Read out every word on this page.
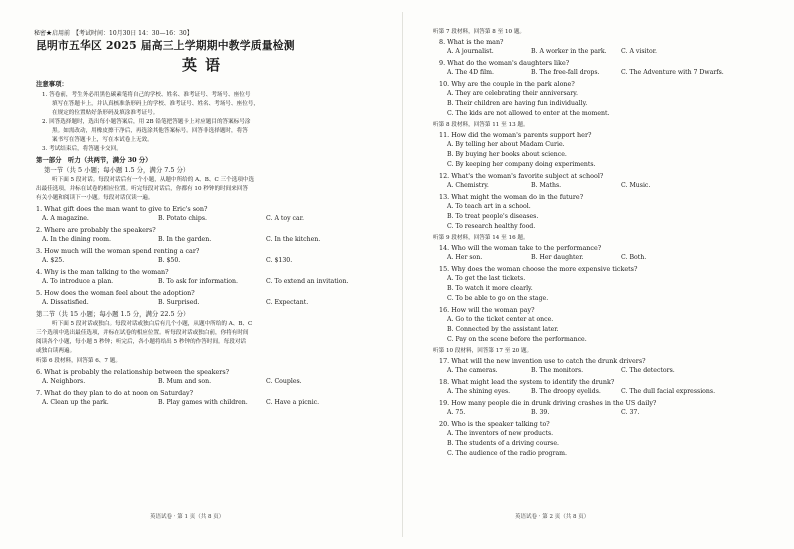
秘密★启用前　【考试时间：10月30日 14：30—16：30】
昆明市五华区 2025 届高三上学期期中教学质量检测
英语
注意事项：
1. 答卷前，考生务必用黑色碳素笔将自己的学校、姓名、准考证号、考场号、座位号
填写在答题卡上，并认真核准条形码上的学校、准考证号、姓名、考场号、座位号，
在规定的位置贴好条形码及填涂准考证号。
2. 回答选择题时，选出每小题答案后，用 2B 铅笔把答题卡上对应题目的答案标号涂
黑。如需改动，用橡皮擦干净后，再选涂其他答案标号。回答非选择题时，将答
案书写在答题卡上，写在本试卷上无效。
3. 考试结束后，将答题卡交回。
第一部分　听力（共两节，满分 30 分）
第一节（共 5 小题；每小题 1.5 分，满分 7.5 分）
听下面 5 段对话。每段对话后有一个小题，从题中所给的 A、B、C 三个选项中选
出最佳选项，并标在试卷的相应位置。听完每段对话后，你都有 10 秒钟的时间来回答
有关小题和阅读下一小题。每段对话仅读一遍。
1. What gift does the man want to give to Eric's son?
A. A magazine.	B. Potato chips.	C. A toy car.
2. Where are probably the speakers?
A. In the dining room.	B. In the garden.	C. In the kitchen.
3. How much will the woman spend renting a car?
A. $25.	B. $50.	C. $130.
4. Why is the man talking to the woman?
A. To introduce a plan.	B. To ask for information.	C. To extend an invitation.
5. How does the woman feel about the adoption?
A. Dissatisfied.	B. Surprised.	C. Expectant.
第二节（共 15 小题；每小题 1.5 分，满分 22.5 分）
听下面 5 段对话或独白。每段对话或独白后有几个小题，从题中所给的 A、B、C
三个选项中选出最佳选项，并标在试卷的相应位置。听每段对话或独白前，你将有时间
阅读各个小题，每小题 5 秒钟；听完后，各小题将给出 5 秒钟的作答时间。每段对话
或独白读两遍。
听第 6 段材料，回答第 6、7 题。
6. What is probably the relationship between the speakers?
A. Neighbors.	B. Mum and son.	C. Couples.
7. What do they plan to do at noon on Saturday?
A. Clean up the park.	B. Play games with children.	C. Have a picnic.
英语试卷 · 第 1 页（共 8 页）
听第 7 段材料，回答第 8 至 10 题。
8. What is the man?
A. A journalist.	B. A worker in the park. C. A visitor.
9. What do the woman's daughters like?
A. The 4D film.	B. The free-fall drops.	C. The Adventure with 7 Dwarfs.
10. Why are the couple in the park alone?
A. They are celebrating their anniversary.
B. Their children are having fun individually.
C. The kids are not allowed to enter at the moment.
听第 8 段材料，回答第 11 至 13 题。
11. How did the woman's parents support her?
A. By telling her about Madam Curie.
B. By buying her books about science.
C. By keeping her company doing experiments.
12. What's the woman's favorite subject at school?
A. Chemistry.	B. Maths.	C. Music.
13. What might the woman do in the future?
A. To teach art in a school.
B. To treat people's diseases.
C. To research healthy food.
听第 9 段材料，回答第 14 至 16 题。
14. Who will the woman take to the performance?
A. Her son.	B. Her daughter.	C. Both.
15. Why does the woman choose the more expensive tickets?
A. To get the last tickets.
B. To watch it more clearly.
C. To be able to go on the stage.
16. How will the woman pay?
A. Go to the ticket center at once.
B. Connected by the assistant later.
C. Pay on the scene before the performance.
听第 10 段材料，回答第 17 至 20 题。
17. What will the new invention use to catch the drunk drivers?
A. The cameras.	B. The monitors.	C. The detectors.
18. What might lead the system to identify the drunk?
A. The shining eyes.	B. The droopy eyelids.	C. The dull facial expressions.
19. How many people die in drunk driving crashes in the US daily?
A. 75.	B. 39.	C. 37.
20. Who is the speaker talking to?
A. The inventors of new products.
B. The students of a driving course.
C. The audience of the radio program.
英语试卷 · 第 2 页（共 8 页）
